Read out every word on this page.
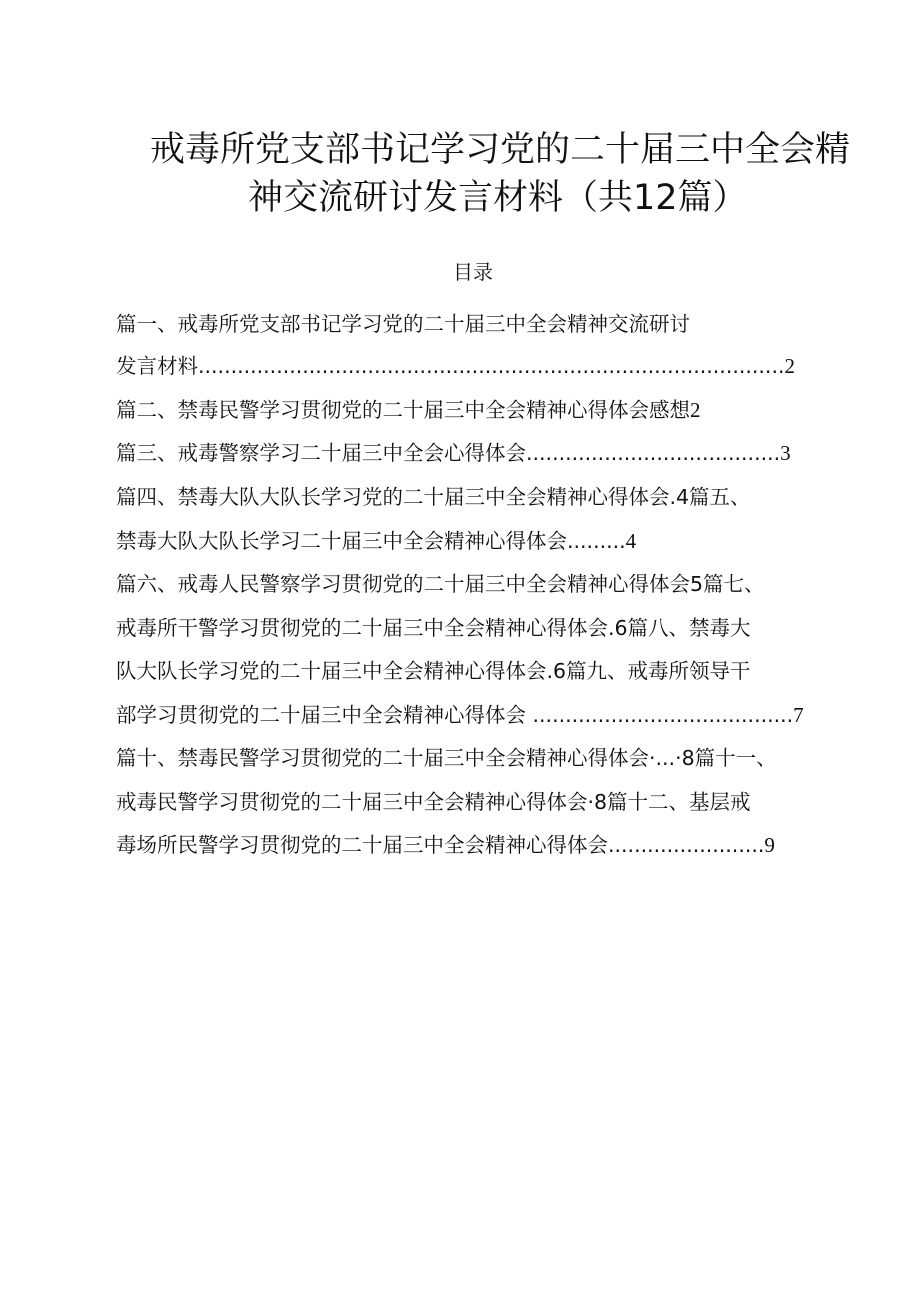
戒毒所党支部书记学习党的二十届三中全会精
神交流研讨发言材料（共12篇）
目录
篇一、戒毒所党支部书记学习党的二十届三中全会精神交流研讨
发言材料..........................................................................................2
篇二、禁毒民警学习贯彻党的二十届三中全会精神心得体会感想2
篇三、戒毒警察学习二十届三中全会心得体会.......................................3
篇四、禁毒大队大队长学习党的二十届三中全会精神心得体会.4篇五、
禁毒大队大队长学习二十届三中全会精神心得体会.........4
篇六、戒毒人民警察学习贯彻党的二十届三中全会精神心得体会5篇七、
戒毒所干警学习贯彻党的二十届三中全会精神心得体会.6篇八、禁毒大
队大队长学习党的二十届三中全会精神心得体会.6篇九、戒毒所领导干
部学习贯彻党的二十届三中全会精神心得体会 ........................................7
篇十、禁毒民警学习贯彻党的二十届三中全会精神心得体会·...·8篇十一、
戒毒民警学习贯彻党的二十届三中全会精神心得体会·8篇十二、基层戒
毒场所民警学习贯彻党的二十届三中全会精神心得体会........................9
